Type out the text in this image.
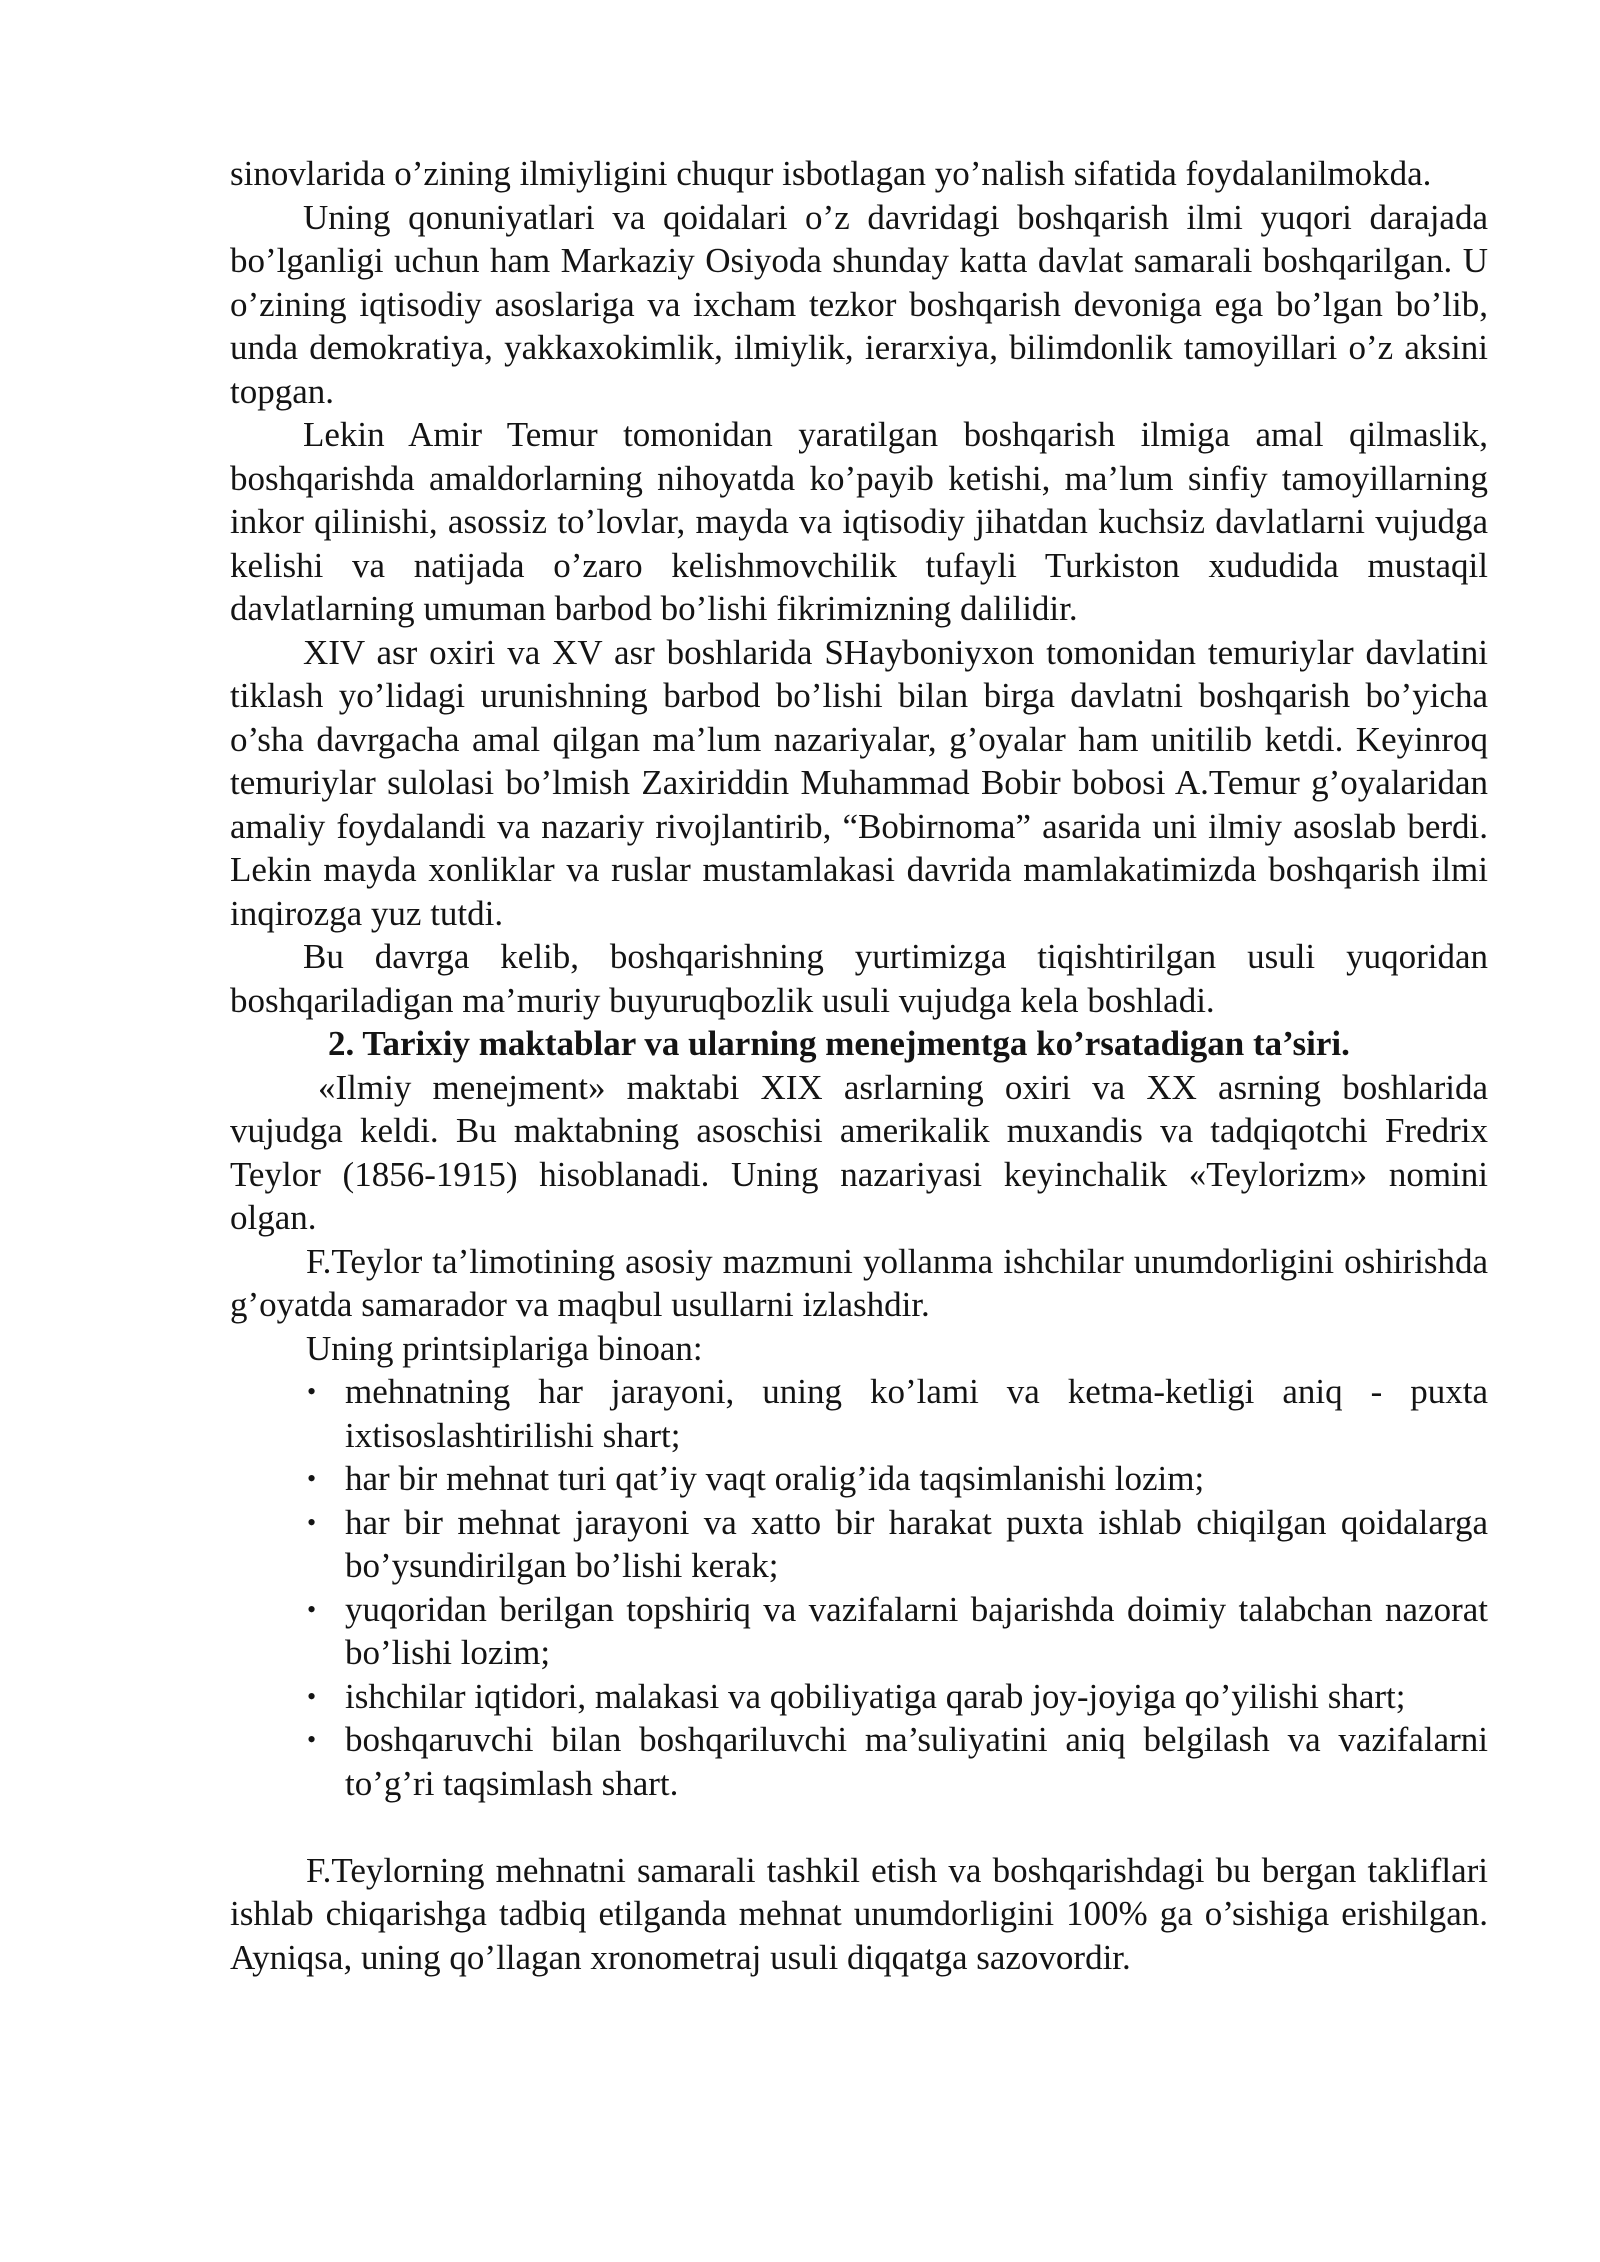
sinovlarida o’zining ilmiyligini chuqur isbotlagan yo’nalish sifatida foydalanilmokda.

Uning qonuniyatlari va qoidalari o’z davridagi boshqarish ilmi yuqori darajada bo’lganligi uchun ham Markaziy Osiyoda shunday katta davlat samarali boshqarilgan. U o’zining iqtisodiy asoslariga va ixcham tezkor boshqarish devoniga ega bo’lgan bo’lib, unda demokratiya, yakkaxokimlik, ilmiylik, ierarxiya, bilimdonlik tamoyillari o’z aksini topgan.

Lekin Amir Temur tomonidan yaratilgan boshqarish ilmiga amal qilmaslik, boshqarishda amaldorlarning nihoyatda ko’payib ketishi, ma’lum sinfiy tamoyillarning inkor qilinishi, asossiz to’lovlar, mayda va iqtisodiy jihatdan kuchsiz davlatlarni vujudga kelishi va natijada o’zaro kelishmovchilik tufayli Turkiston xududida mustaqil davlatlarning umuman barbod bo’lishi fikrimizning dalilidir.

XIV asr oxiri va XV asr boshlarida SHayboniyxon tomonidan temuriylar davlatini tiklash yo’lidagi urunishning barbod bo’lishi bilan birga davlatni boshqarish bo’yicha o’sha davrgacha amal qilgan ma’lum nazariyalar, g’oyalar ham unitilib ketdi. Keyinroq temuriylar sulolasi bo’lmish Zaxiriddin Muhammad Bobir bobosi A.Temur g’oyalaridan amaliy foydalandi va nazariy rivojlantirib, “Bobirnoma” asarida uni ilmiy asoslab berdi. Lekin mayda xonliklar va ruslar mustamlakasi davrida mamlakatimizda boshqarish ilmi inqirozga yuz tutdi.

Bu davrga kelib, boshqarishning yurtimizga tiqishtirilgan usuli yuqoridan boshqariladigan ma’muriy buyuruqbozlik usuli vujudga kela boshladi.

2. Tarixiy maktablar va ularning menejmentga ko’rsatadigan ta’siri.

«Ilmiy menejment» maktabi XIX asrlarning oxiri va XX asrning boshlarida vujudga keldi. Bu maktabning asoschisi amerikalik muxandis va tadqiqotchi Fredrix Teylor (1856-1915) hisoblanadi. Uning nazariyasi keyinchalik «Teylorizm» nomini olgan.

F.Teylor ta’limotining asosiy mazmuni yollanma ishchilar unumdorligini oshirishda g’oyatda samarador va maqbul usullarni izlashdir.

Uning printsiplariga binoan:

• mehnatning har jarayoni, uning ko’lami va ketma-ketligi aniq - puxta ixtisoslashtirilishi shart;
• har bir mehnat turi qat’iy vaqt oralig’ida taqsimlanishi lozim;
• har bir mehnat jarayoni va xatto bir harakat puxta ishlab chiqilgan qoidalarga bo’ysundirilgan bo’lishi kerak;
• yuqoridan berilgan topshiriq va vazifalarni bajarishda doimiy talabchan nazorat bo’lishi lozim;
• ishchilar iqtidori, malakasi va qobiliyatiga qarab joy-joyiga qo’yilishi shart;
• boshqaruvchi bilan boshqariluvchi ma’suliyatini aniq belgilash va vazifalarni to’g’ri taqsimlash shart.

F.Teylorning mehnatni samarali tashkil etish va boshqarishdagi bu bergan takliflari ishlab chiqarishga tadbiq etilganda mehnat unumdorligini 100% ga o’sishiga erishilgan. Ayniqsa, uning qo’llagan xronometraj usuli diqqatga sazovordir.
